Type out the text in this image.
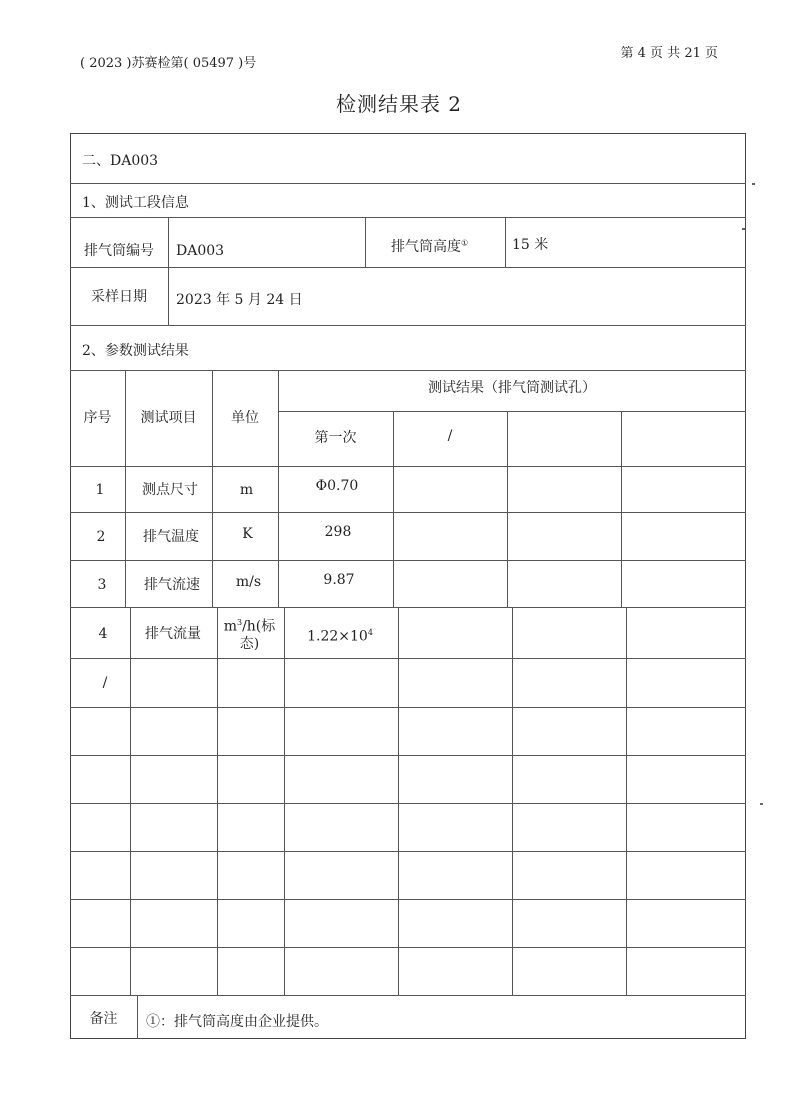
( 2023 )苏赛检第( 05497 )号
第 4 页 共 21 页
检测结果表 2
二、DA003
1、测试工段信息
排气筒编号	DA003	排气筒高度①	15 米
采样日期	2023 年 5 月 24 日
2、参数测试结果
序号	测试项目	单位
测试结果（排气筒测试孔）
第一次	/
1	测点尺寸	m	Φ0.70
2	排气温度	K	298
3	排气流速	m/s	9.87
4	排气流量	$m^3/h$(标
态)	$1.22\times 10^4$
/
备注	①：排气筒高度由企业提供。
